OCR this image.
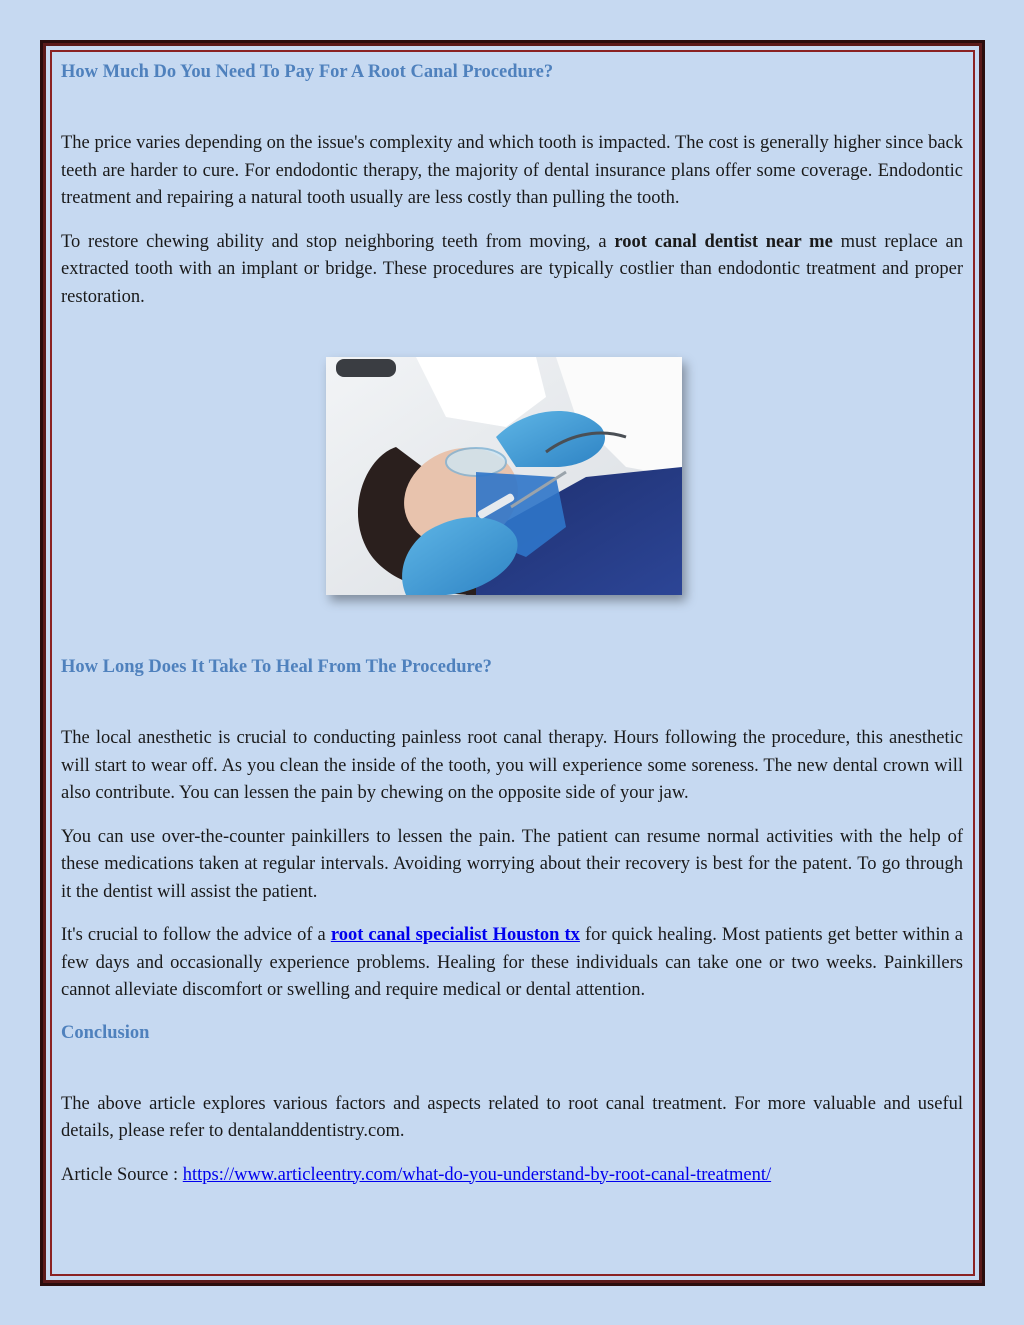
How Much Do You Need To Pay For A Root Canal Procedure?

The price varies depending on the issue's complexity and which tooth is impacted. The cost is generally higher since back teeth are harder to cure. For endodontic therapy, the majority of dental insurance plans offer some coverage. Endodontic treatment and repairing a natural tooth usually are less costly than pulling the tooth.

To restore chewing ability and stop neighboring teeth from moving, a root canal dentist near me must replace an extracted tooth with an implant or bridge. These procedures are typically costlier than endodontic treatment and proper restoration.

How Long Does It Take To Heal From The Procedure?

The local anesthetic is crucial to conducting painless root canal therapy. Hours following the procedure, this anesthetic will start to wear off. As you clean the inside of the tooth, you will experience some soreness. The new dental crown will also contribute. You can lessen the pain by chewing on the opposite side of your jaw.

You can use over-the-counter painkillers to lessen the pain. The patient can resume normal activities with the help of these medications taken at regular intervals. Avoiding worrying about their recovery is best for the patent. To go through it the dentist will assist the patient.

It's crucial to follow the advice of a root canal specialist Houston tx for quick healing. Most patients get better within a few days and occasionally experience problems. Healing for these individuals can take one or two weeks. Painkillers cannot alleviate discomfort or swelling and require medical or dental attention.

Conclusion

The above article explores various factors and aspects related to root canal treatment. For more valuable and useful details, please refer to dentalanddentistry.com.

Article Source : https://www.articleentry.com/what-do-you-understand-by-root-canal-treatment/
